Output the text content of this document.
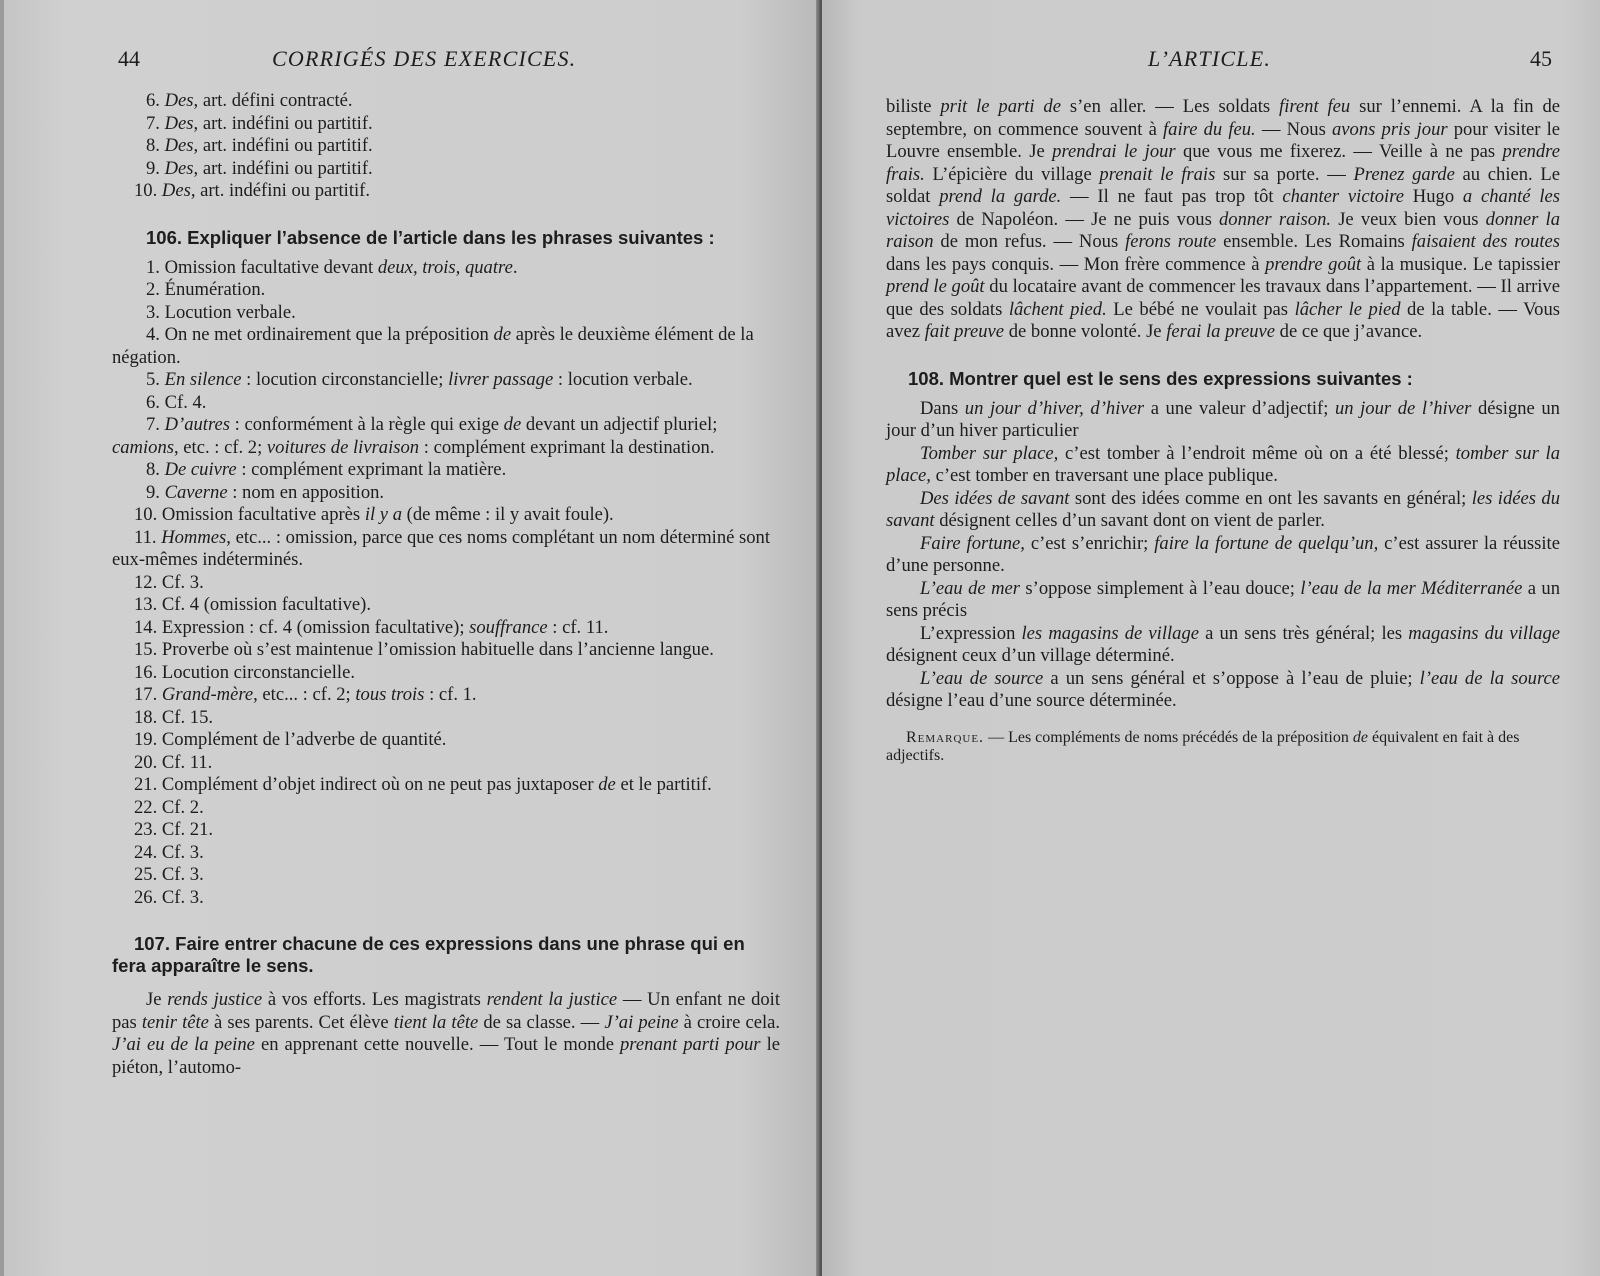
44	CORRIGÉS DES EXERCICES.

6. Des, art. défini contracté.

7. Des, art. indéfini ou partitif.

8. Des, art. indéfini ou partitif.

9. Des, art. indéfini ou partitif.

10. Des, art. indéfini ou partitif.

106. Expliquer l’absence de l’article dans les phrases suivantes :

1. Omission facultative devant deux, trois, quatre.

2. Énumération.

3. Locution verbale.

4. On ne met ordinairement que la préposition de après le deuxième élément de la négation.

5. En silence : locution circonstancielle; livrer passage : locution verbale.

6. Cf. 4.

7. D’autres : conformément à la règle qui exige de devant un adjectif pluriel; camions, etc. : cf. 2; voitures de livraison : complément exprimant la destination.

8. De cuivre : complément exprimant la matière.

9. Caverne : nom en apposition.

10. Omission facultative après il y a (de même : il y avait foule).

11. Hommes, etc... : omission, parce que ces noms complétant un nom déterminé sont eux-mêmes indéterminés.

12. Cf. 3.

13. Cf. 4 (omission facultative).

14. Expression : cf. 4 (omission facultative); souffrance : cf. 11.

15. Proverbe où s’est maintenue l’omission habituelle dans l’ancienne langue.

16. Locution circonstancielle.

17. Grand-mère, etc... : cf. 2; tous trois : cf. 1.

18. Cf. 15.

19. Complément de l’adverbe de quantité.

20. Cf. 11.

21. Complément d’objet indirect où on ne peut pas juxtaposer de et le partitif.

22. Cf. 2.

23. Cf. 21.

24. Cf. 3.

25. Cf. 3.

26. Cf. 3.

107. Faire entrer chacune de ces expressions dans une phrase qui en fera apparaître le sens.

Je rends justice à vos efforts. Les magistrats rendent la justice — Un enfant ne doit pas tenir tête à ses parents. Cet élève tient la tête de sa classe. — J’ai peine à croire cela. J’ai eu de la peine en apprenant cette nouvelle. — Tout le monde prenant parti pour le piéton, l’automo-

L’ARTICLE.	45

biliste prit le parti de s’en aller. — Les soldats firent feu sur l’ennemi. A la fin de septembre, on commence souvent à faire du feu. — Nous avons pris jour pour visiter le Louvre ensemble. Je prendrai le jour que vous me fixerez. — Veille à ne pas prendre frais. L’épicière du village prenait le frais sur sa porte. — Prenez garde au chien. Le soldat prend la garde. — Il ne faut pas trop tôt chanter victoire Hugo a chanté les victoires de Napoléon. — Je ne puis vous donner raison. Je veux bien vous donner la raison de mon refus. — Nous ferons route ensemble. Les Romains faisaient des routes dans les pays conquis. — Mon frère commence à prendre goût à la musique. Le tapissier prend le goût du locataire avant de commencer les travaux dans l’appartement. — Il arrive que des soldats lâchent pied. Le bébé ne voulait pas lâcher le pied de la table. — Vous avez fait preuve de bonne volonté. Je ferai la preuve de ce que j’avance.

108. Montrer quel est le sens des expressions suivantes :

Dans un jour d’hiver, d’hiver a une valeur d’adjectif; un jour de l’hiver désigne un jour d’un hiver particulier

Tomber sur place, c’est tomber à l’endroit même où on a été blessé; tomber sur la place, c’est tomber en traversant une place publique.

Des idées de savant sont des idées comme en ont les savants en général; les idées du savant désignent celles d’un savant dont on vient de parler.

Faire fortune, c’est s’enrichir; faire la fortune de quelqu’un, c’est assurer la réussite d’une personne.

L’eau de mer s’oppose simplement à l’eau douce; l’eau de la mer Méditerranée a un sens précis

L’expression les magasins de village a un sens très général; les magasins du village désignent ceux d’un village déterminé.

L’eau de source a un sens général et s’oppose à l’eau de pluie; l’eau de la source désigne l’eau d’une source déterminée.

Remarque. — Les compléments de noms précédés de la préposition de équivalent en fait à des adjectifs.
